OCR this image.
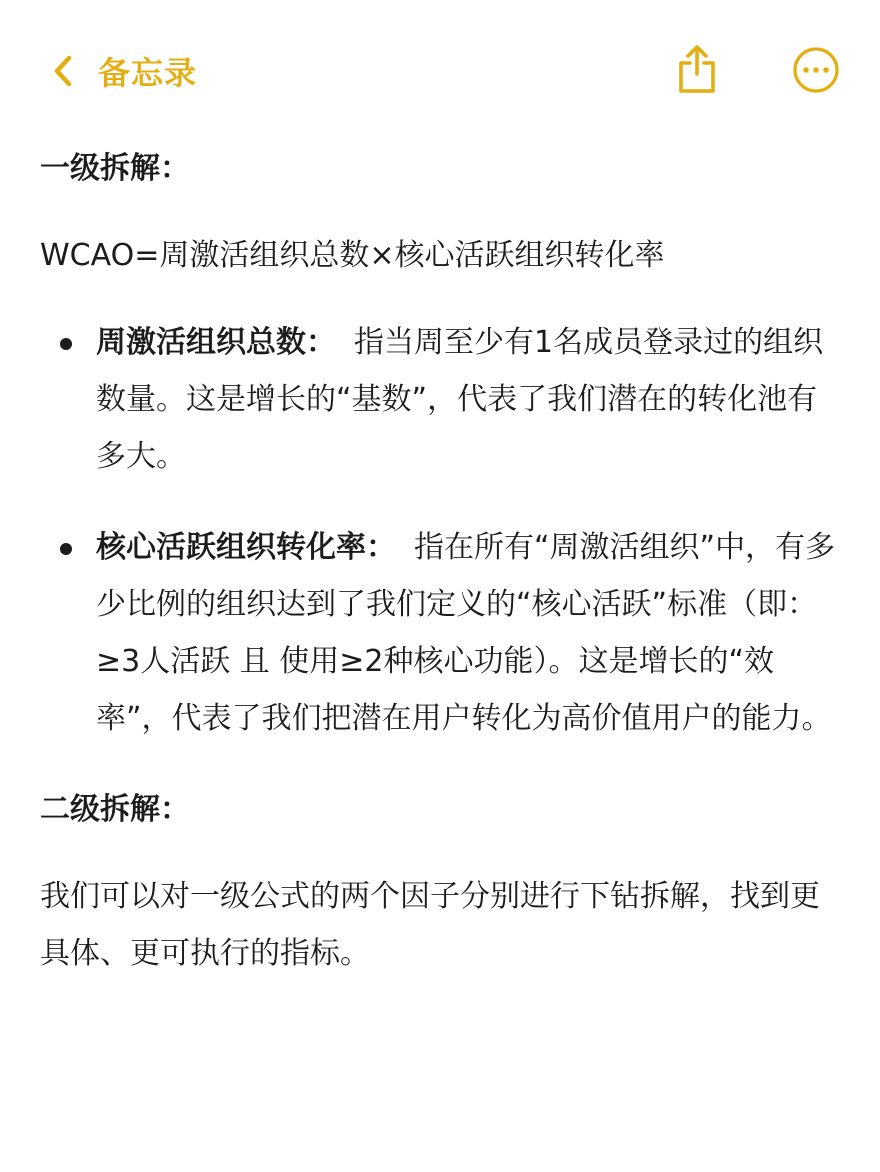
备忘录
一级拆解：
WCAO=周激活组织总数×核心活跃组织转化率
周激活组织总数： 指当周至少有1名成员登录过的组织数量。这是增长的“基数”，代表了我们潜在的转化池有多大。
核心活跃组织转化率： 指在所有“周激活组织”中，有多少比例的组织达到了我们定义的“核心活跃”标准（即：≥3人活跃 且 使用≥2种核心功能）。这是增长的“效率”，代表了我们把潜在用户转化为高价值用户的能力。
二级拆解：
我们可以对一级公式的两个因子分别进行下钻拆解，找到更具体、更可执行的指标。
